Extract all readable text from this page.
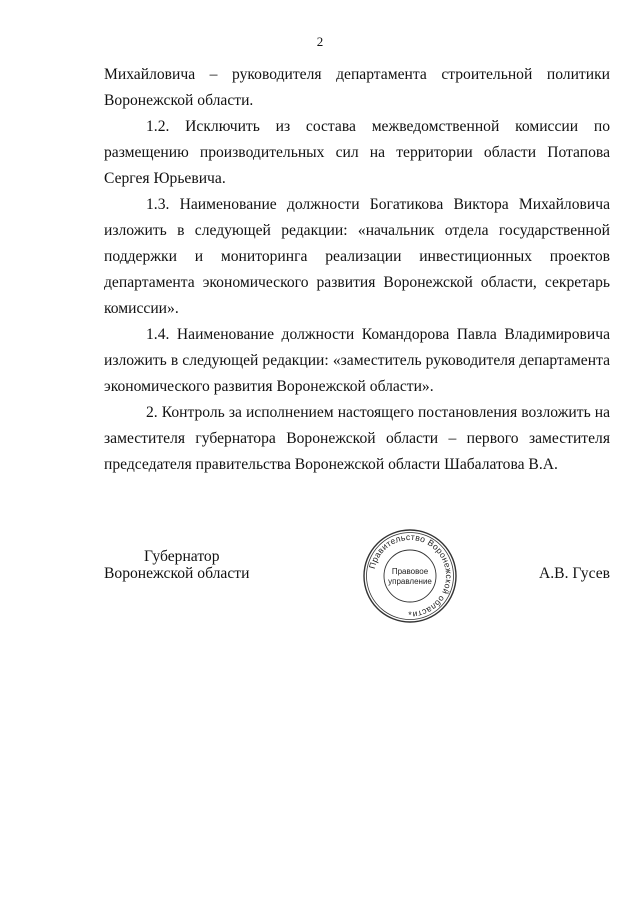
2

Михайловича – руководителя департамента строительной политики Воронежской области.

1.2. Исключить из состава межведомственной комиссии по размещению производительных сил на территории области Потапова Сергея Юрьевича.

1.3. Наименование должности Богатикова Виктора Михайловича изложить в следующей редакции: «начальник отдела государственной поддержки и мониторинга реализации инвестиционных проектов департамента экономического развития Воронежской области, секретарь комиссии».

1.4. Наименование должности Командорова Павла Владимировича изложить в следующей редакции: «заместитель руководителя департамента экономического развития Воронежской области».

2. Контроль за исполнением настоящего постановления возложить на заместителя губернатора Воронежской области – первого заместителя председателя правительства Воронежской области Шабалатова В.А.

Губернатор
Воронежской области	Правительство Воронежской области
Правовое
управление
*
А.В. Гусев
